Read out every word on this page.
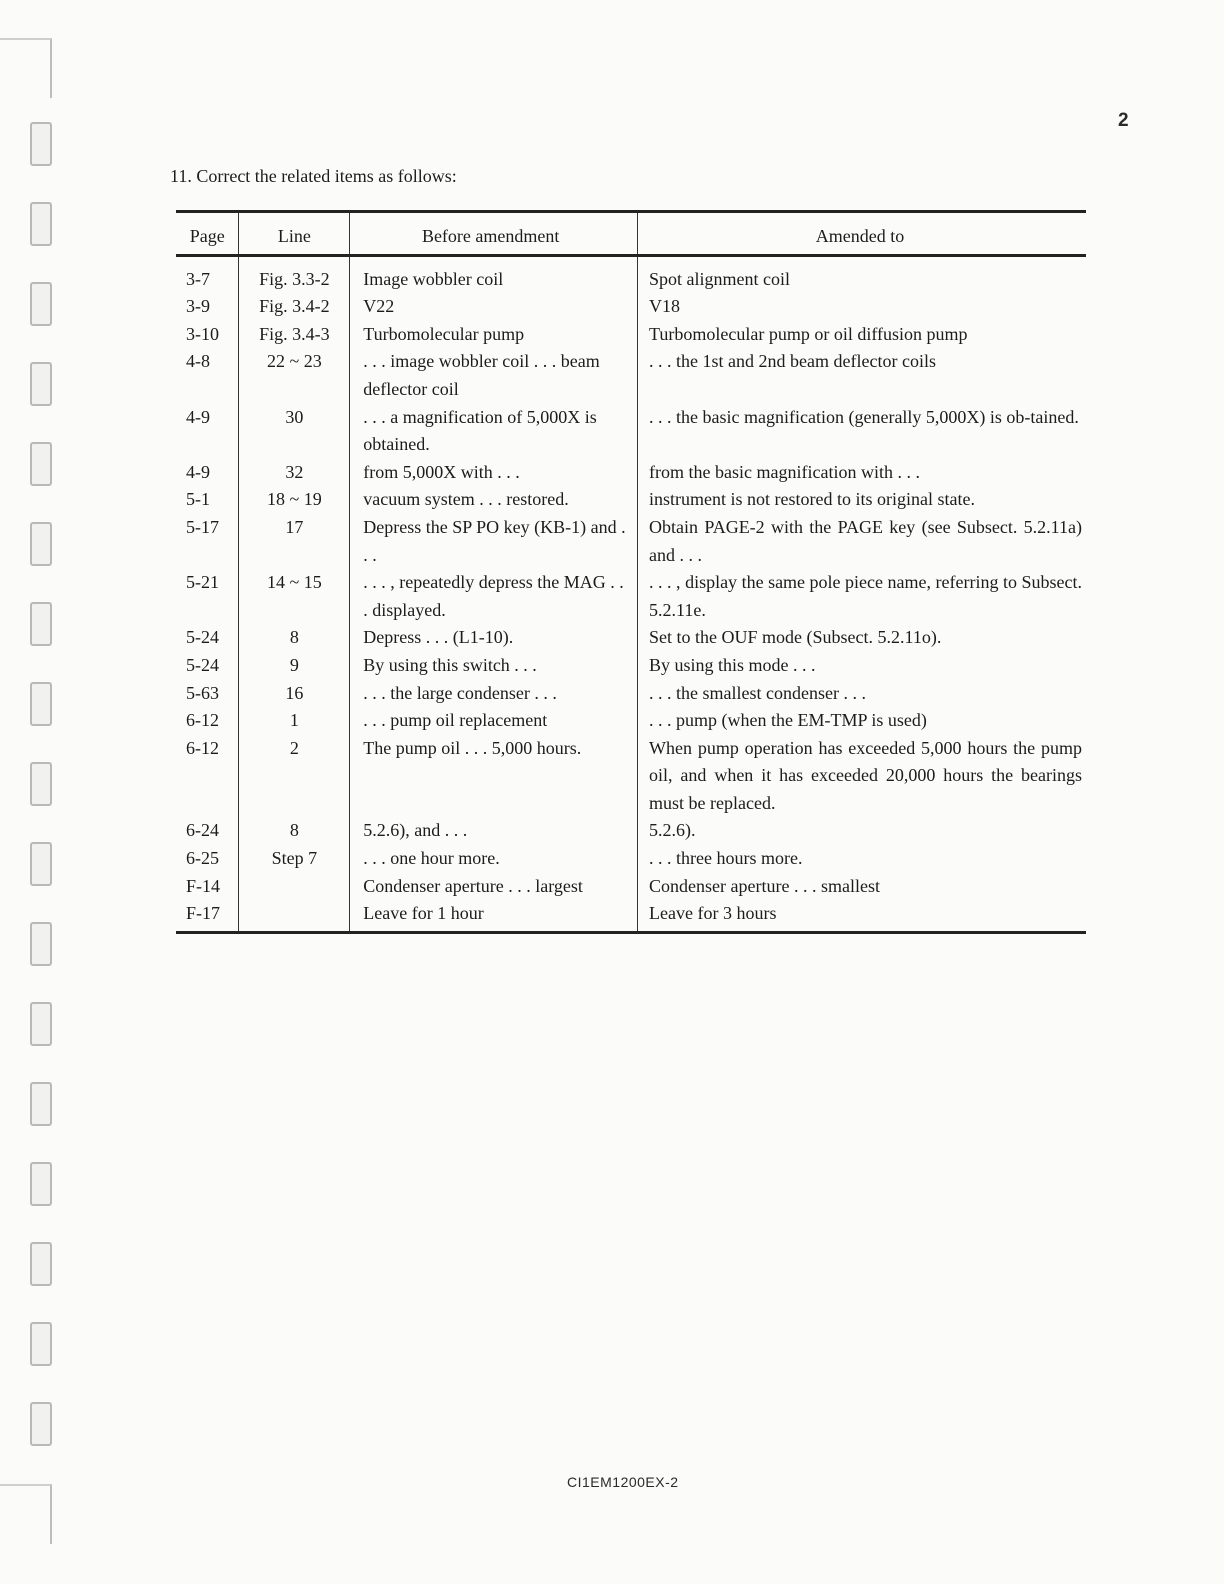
2
11. Correct the related items as follows:
Page	Line	Before amendment	Amended to
3-7	Fig. 3.3-2	Image wobbler coil	Spot alignment coil
3-9	Fig. 3.4-2	V22	V18
3-10	Fig. 3.4-3	Turbomolecular pump	Turbomolecular pump or oil diffusion pump
4-8	22 ~ 23	. . . image wobbler coil . . . beam deflector coil	. . . the 1st and 2nd beam deflector coils
4-9	30	. . . a magnification of 5,000X is obtained.	. . . the basic magnification (generally 5,000X) is ob-tained.
4-9	32	from 5,000X with . . .	from the basic magnification with . . .
5-1	18 ~ 19	vacuum system . . . restored.	instrument is not restored to its original state.
5-17	17	Depress the SP PO key (KB-1) and . . .	Obtain PAGE-2 with the PAGE key (see Subsect. 5.2.11a) and . . .
5-21	14 ~ 15	. . . , repeatedly depress the MAG . . . displayed.	. . . , display the same pole piece name, referring to Subsect. 5.2.11e.
5-24	8	Depress . . . (L1-10).	Set to the OUF mode (Subsect. 5.2.11o).
5-24	9	By using this switch . . .	By using this mode . . .
5-63	16	. . . the large condenser . . .	. . . the smallest condenser . . .
6-12	1	. . . pump oil replacement	. . . pump (when the EM-TMP is used)
6-12	2	The pump oil . . . 5,000 hours.	When pump operation has exceeded 5,000 hours the pump oil, and when it has exceeded 20,000 hours the bearings must be replaced.
6-24	8	5.2.6), and . . .	5.2.6).
6-25	Step 7	. . . one hour more.	. . . three hours more.
F-14		Condenser aperture . . . largest	Condenser aperture . . . smallest
F-17		Leave for 1 hour	Leave for 3 hours
CI1EM1200EX-2
